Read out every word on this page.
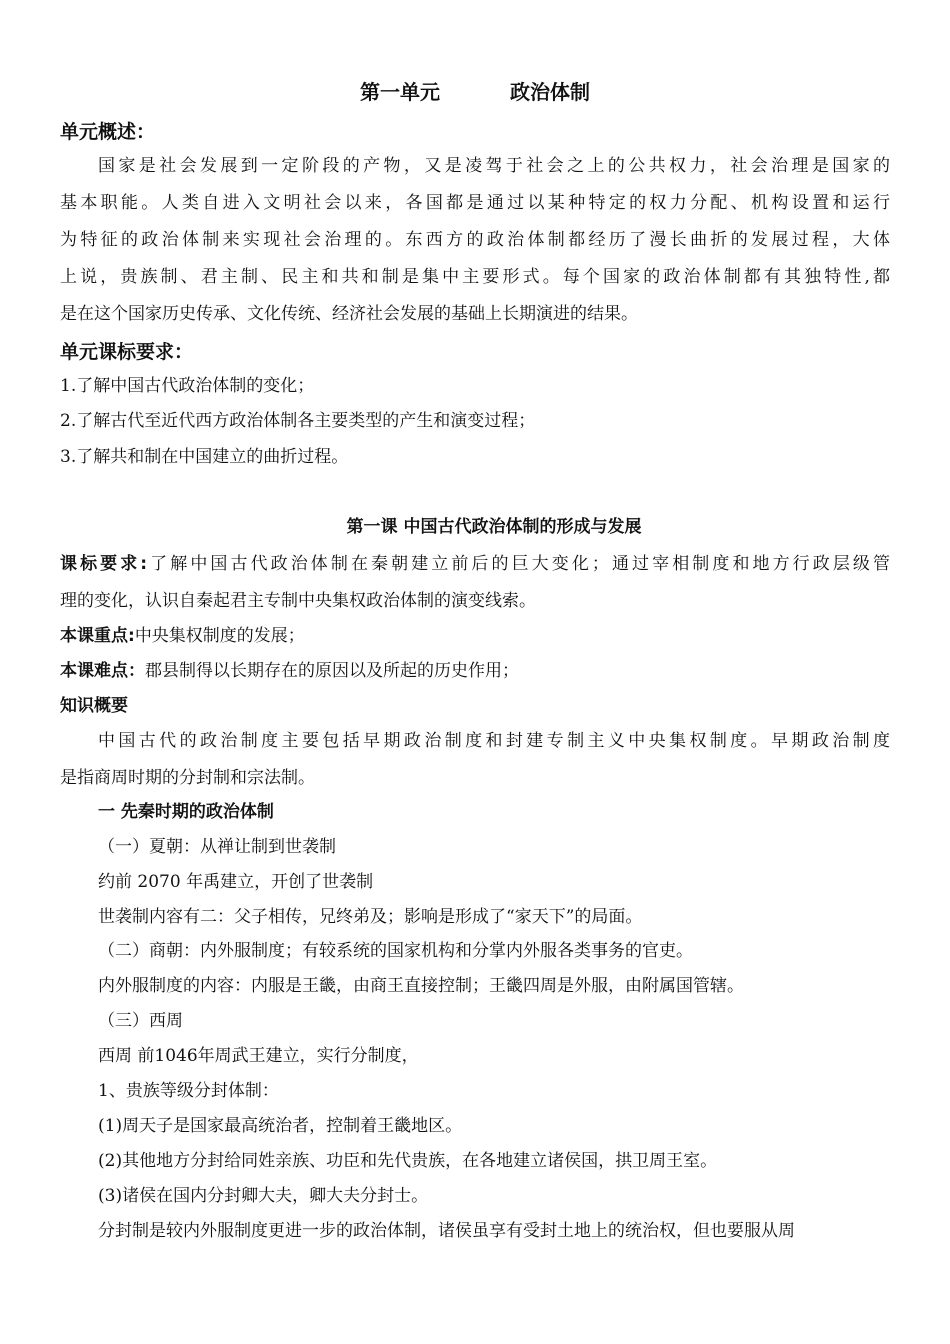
第一单元	政治体制
单元概述：
国家是社会发展到一定阶段的产物，又是凌驾于社会之上的公共权力，社会治理是国家的
基本职能。人类自进入文明社会以来，各国都是通过以某种特定的权力分配、机构设置和运行
为特征的政治体制来实现社会治理的。东西方的政治体制都经历了漫长曲折的发展过程，大体
上说，贵族制、君主制、民主和共和制是集中主要形式。每个国家的政治体制都有其独特性,都
是在这个国家历史传承、文化传统、经济社会发展的基础上长期演进的结果。
单元课标要求：
1.了解中国古代政治体制的变化；
2.了解古代至近代西方政治体制各主要类型的产生和演变过程；
3.了解共和制在中国建立的曲折过程。
第一课 中国古代政治体制的形成与发展
课标要求:了解中国古代政治体制在秦朝建立前后的巨大变化；通过宰相制度和地方行政层级管
理的变化，认识自秦起君主专制中央集权政治体制的演变线索。
本课重点:中央集权制度的发展；
本课难点：郡县制得以长期存在的原因以及所起的历史作用；
知识概要
中国古代的政治制度主要包括早期政治制度和封建专制主义中央集权制度。早期政治制度
是指商周时期的分封制和宗法制。
一 先秦时期的政治体制
（一）夏朝：从禅让制到世袭制
约前 2070 年禹建立，开创了世袭制
世袭制内容有二：父子相传，兄终弟及；影响是形成了“家天下”的局面。
（二）商朝：内外服制度；有较系统的国家机构和分掌内外服各类事务的官吏。
内外服制度的内容：内服是王畿，由商王直接控制；王畿四周是外服，由附属国管辖。
（三）西周
西周 前1046年周武王建立，实行分制度，
1、贵族等级分封体制：
(1)周天子是国家最高统治者，控制着王畿地区。
(2)其他地方分封给同姓亲族、功臣和先代贵族，在各地建立诸侯国，拱卫周王室。
(3)诸侯在国内分封卿大夫，卿大夫分封士。
分封制是较内外服制度更进一步的政治体制，诸侯虽享有受封土地上的统治权，但也要服从周
